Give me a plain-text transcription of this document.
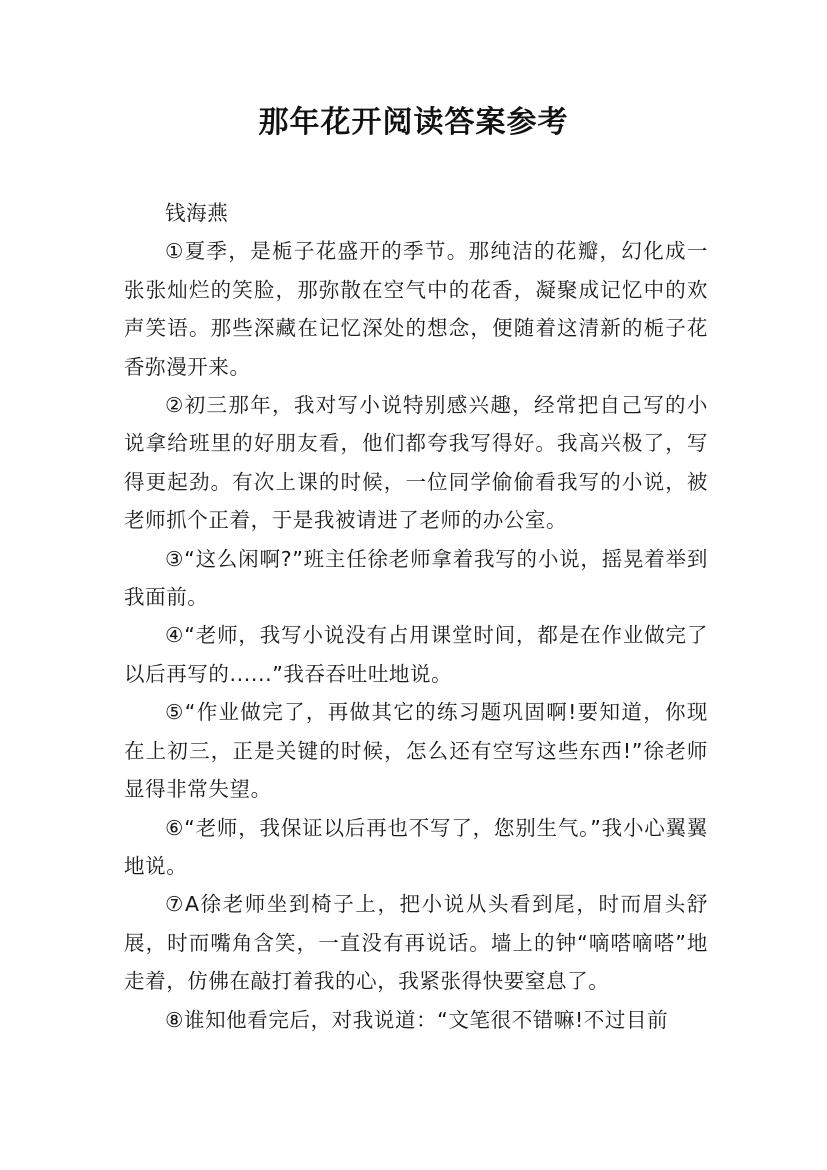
那年花开阅读答案参考

钱海燕

①夏季，是栀子花盛开的季节。那纯洁的花瓣，幻化成一张张灿烂的笑脸，那弥散在空气中的花香，凝聚成记忆中的欢声笑语。那些深藏在记忆深处的想念，便随着这清新的栀子花香弥漫开来。

②初三那年，我对写小说特别感兴趣，经常把自己写的小说拿给班里的好朋友看，他们都夸我写得好。我高兴极了，写得更起劲。有次上课的时候，一位同学偷偷看我写的小说，被老师抓个正着，于是我被请进了老师的办公室。

③“这么闲啊?”班主任徐老师拿着我写的小说，摇晃着举到我面前。

④“老师，我写小说没有占用课堂时间，都是在作业做完了以后再写的......”我吞吞吐吐地说。

⑤“作业做完了，再做其它的练习题巩固啊!要知道，你现在上初三，正是关键的时候，怎么还有空写这些东西!”徐老师显得非常失望。

⑥“老师，我保证以后再也不写了，您别生气。”我小心翼翼地说。

⑦A徐老师坐到椅子上，把小说从头看到尾，时而眉头舒展，时而嘴角含笑，一直没有再说话。墙上的钟“嘀嗒嘀嗒”地走着，仿佛在敲打着我的心，我紧张得快要窒息了。

⑧谁知他看完后，对我说道：“文笔很不错嘛!不过目前
